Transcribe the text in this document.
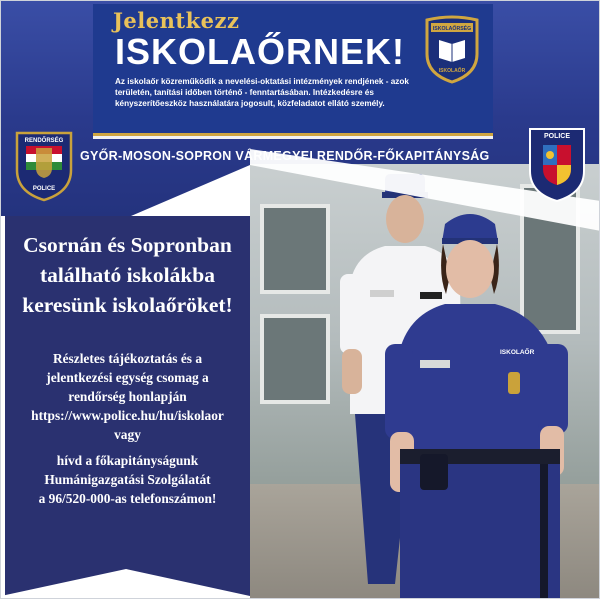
ISKOLAŐR
Jelentkezz
ISKOLAŐRNEK!
Az iskolaőr közreműködik a nevelési-oktatási intézmények rendjének - azok területén, tanítási időben történő - fenntartásában. Intézkedésre és kényszerítőeszköz használatára jogosult, közfeladatot ellátó személy.
ISKOLAŐRSÉG
ISKOLAŐR
RENDŐRSÉG
POLICE
GYŐR-MOSON-SOPRON VÁRMEGYEI RENDŐR-FŐKAPITÁNYSÁG
POLICE
Csornán és Sopronban
található iskolákba
keresünk iskolaőröket!

Részletes tájékoztatás és a

jelentkezési egység csomag a

rendőrség honlapján

https://www.police.hu/hu/iskolaor

vagy

hívd a főkapitányságunk

Humánigazgatási Szolgálatát

a 96/520-000-as telefonszámon!
